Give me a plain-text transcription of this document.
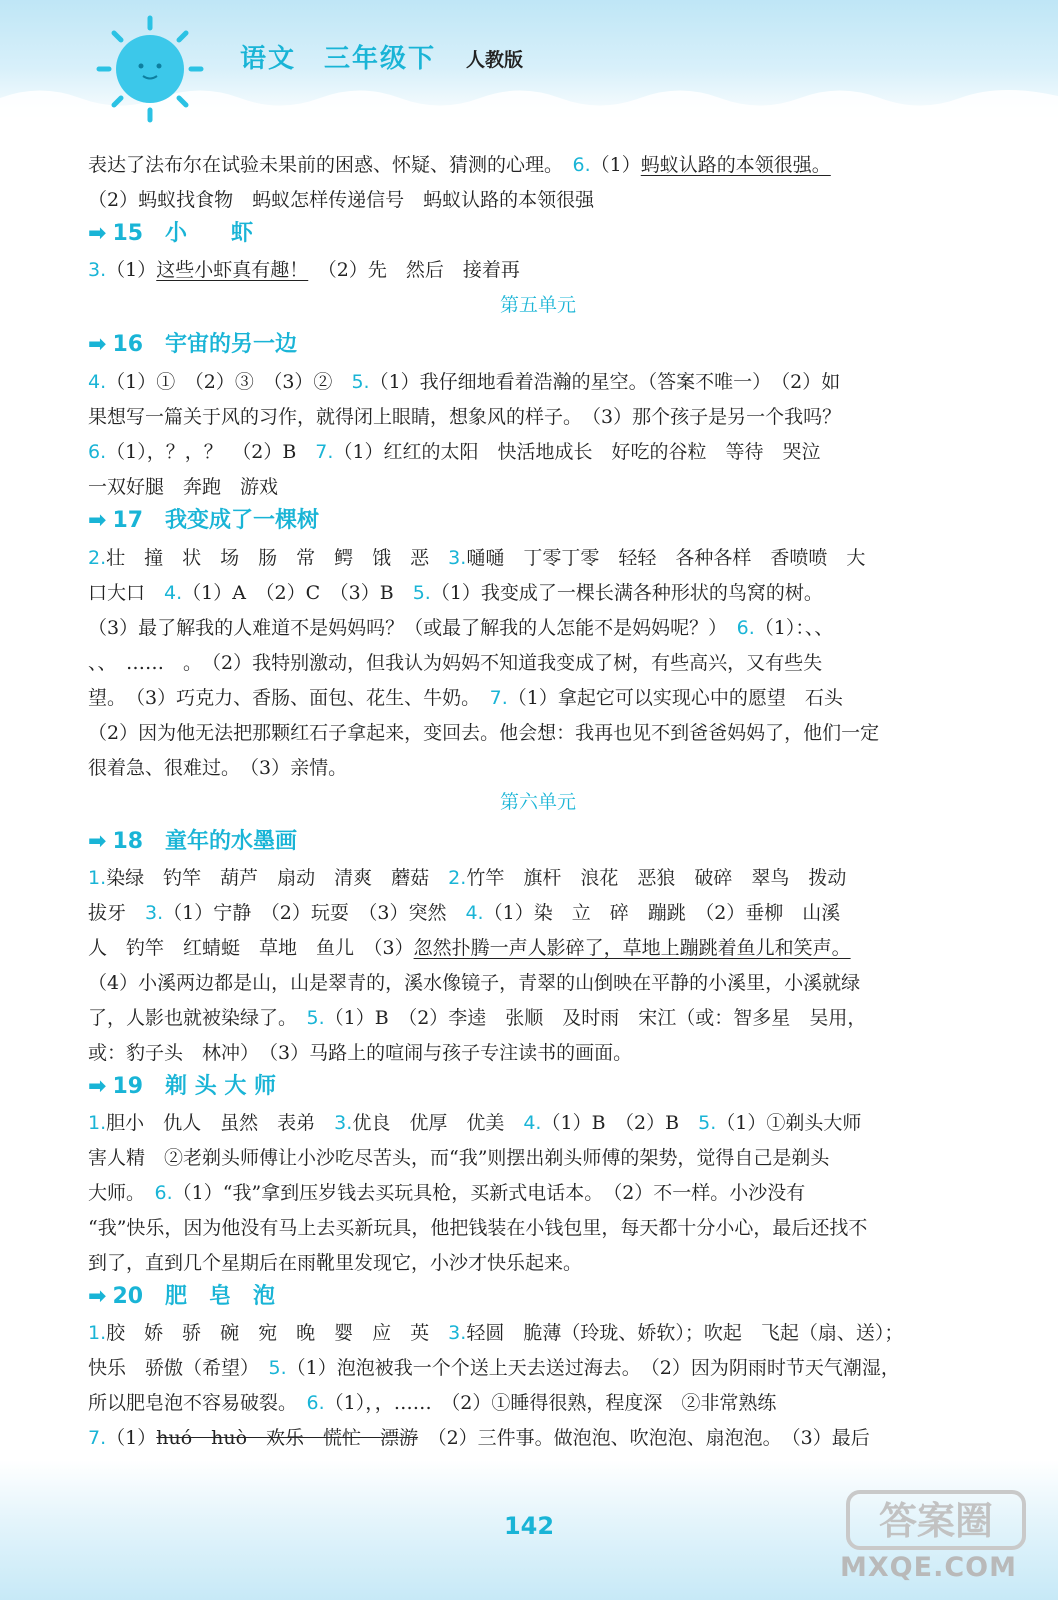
语文 三年级下 人教版
表达了法布尔在试验未果前的困惑、怀疑、猜测的心理。　 6.（1）蚂蚁认路的本领很强。
（2）蚂蚁找食物　蚂蚁怎样传递信号　蚂蚁认路的本领很强
➡ 15　小　　虾
3.（1）这些小虾真有趣！　（2）先　然后　接着再
第五单元
➡ 16　宇宙的另一边
4.（1）①　（2）③　（3）②　 5.（1）我仔细地看着浩瀚的星空。（答案不唯一）　（2）如
果想写一篇关于风的习作，就得闭上眼睛，想象风的样子。　（3）那个孩子是另一个我吗？
6.（1），？，？　（2）B　 7.（1）红红的太阳　快活地成长　好吃的谷粒　等待　哭泣
一双好腿　奔跑　游戏
➡ 17　我变成了一棵树
2.壮　撞　状　场　肠　常　鳄　饿　恶　 3.嗵嗵　丁零丁零　轻轻　各种各样　香喷喷　大
口大口　 4.（1）A　（2）C　（3）B　 5.（1）我变成了一棵长满各种形状的鸟窝的树。
（3）最了解我的人难道不是妈妈吗？（或最了解我的人怎能不是妈妈呢？）　 6.（1）：、、
、、　……　。　（2）我特别激动，但我认为妈妈不知道我变成了树，有些高兴，又有些失
望。　（3）巧克力、香肠、面包、花生、牛奶。　 7.（1）拿起它可以实现心中的愿望　石头
（2）因为他无法把那颗红石子拿起来，变回去。他会想：我再也见不到爸爸妈妈了，他们一定
很着急、很难过。　（3）亲情。
第六单元
➡ 18　童年的水墨画
1.染绿　钓竿　葫芦　扇动　清爽　蘑菇　 2.竹竿　旗杆　浪花　恶狼　破碎　翠鸟　拨动
拔牙　 3.（1）宁静　（2）玩耍　（3）突然　 4.（1）染　立　碎　蹦跳　（2）垂柳　山溪
人　钓竿　红蜻蜓　草地　鱼儿　（3）忽然扑腾一声人影碎了，草地上蹦跳着鱼儿和笑声。
（4）小溪两边都是山，山是翠青的，溪水像镜子，青翠的山倒映在平静的小溪里，小溪就绿
了，人影也就被染绿了。　 5.（1）B　（2）李逵　张顺　及时雨　宋江（或：智多星　吴用，
或：豹子头　林冲）　（3）马路上的喧闹与孩子专注读书的画面。
➡ 19　剃 头 大 师
1.胆小　仇人　虽然　表弟　 3.优良　优厚　优美　 4.（1）B　（2）B　 5.（1）①剃头大师
害人精　②老剃头师傅让小沙吃尽苦头，而“我”则摆出剃头师傅的架势，觉得自己是剃头
大师。　 6.（1）“我”拿到压岁钱去买玩具枪，买新式电话本。　（2）不一样。小沙没有
“我”快乐，因为他没有马上去买新玩具，他把钱装在小钱包里，每天都十分小心，最后还找不
到了，直到几个星期后在雨靴里发现它，小沙才快乐起来。
➡ 20　肥　皂　泡
1.胶　娇　骄　碗　宛　晚　婴　应　英　 3.轻圆　脆薄（玲珑、娇软）；吹起　飞起（扇、送）；
快乐　骄傲（希望）　 5.（1）泡泡被我一个个送上天去送过海去。　（2）因为阴雨时节天气潮湿，
所以肥皂泡不容易破裂。　 6.（1），，……　（2）①睡得很熟，程度深　②非常熟练
7.（1）huó　huò　欢乐　慌忙　漂游　 （2）三件事。做泡泡、吹泡泡、扇泡泡。　（3）最后
142	答案圈
MXQE.COM
